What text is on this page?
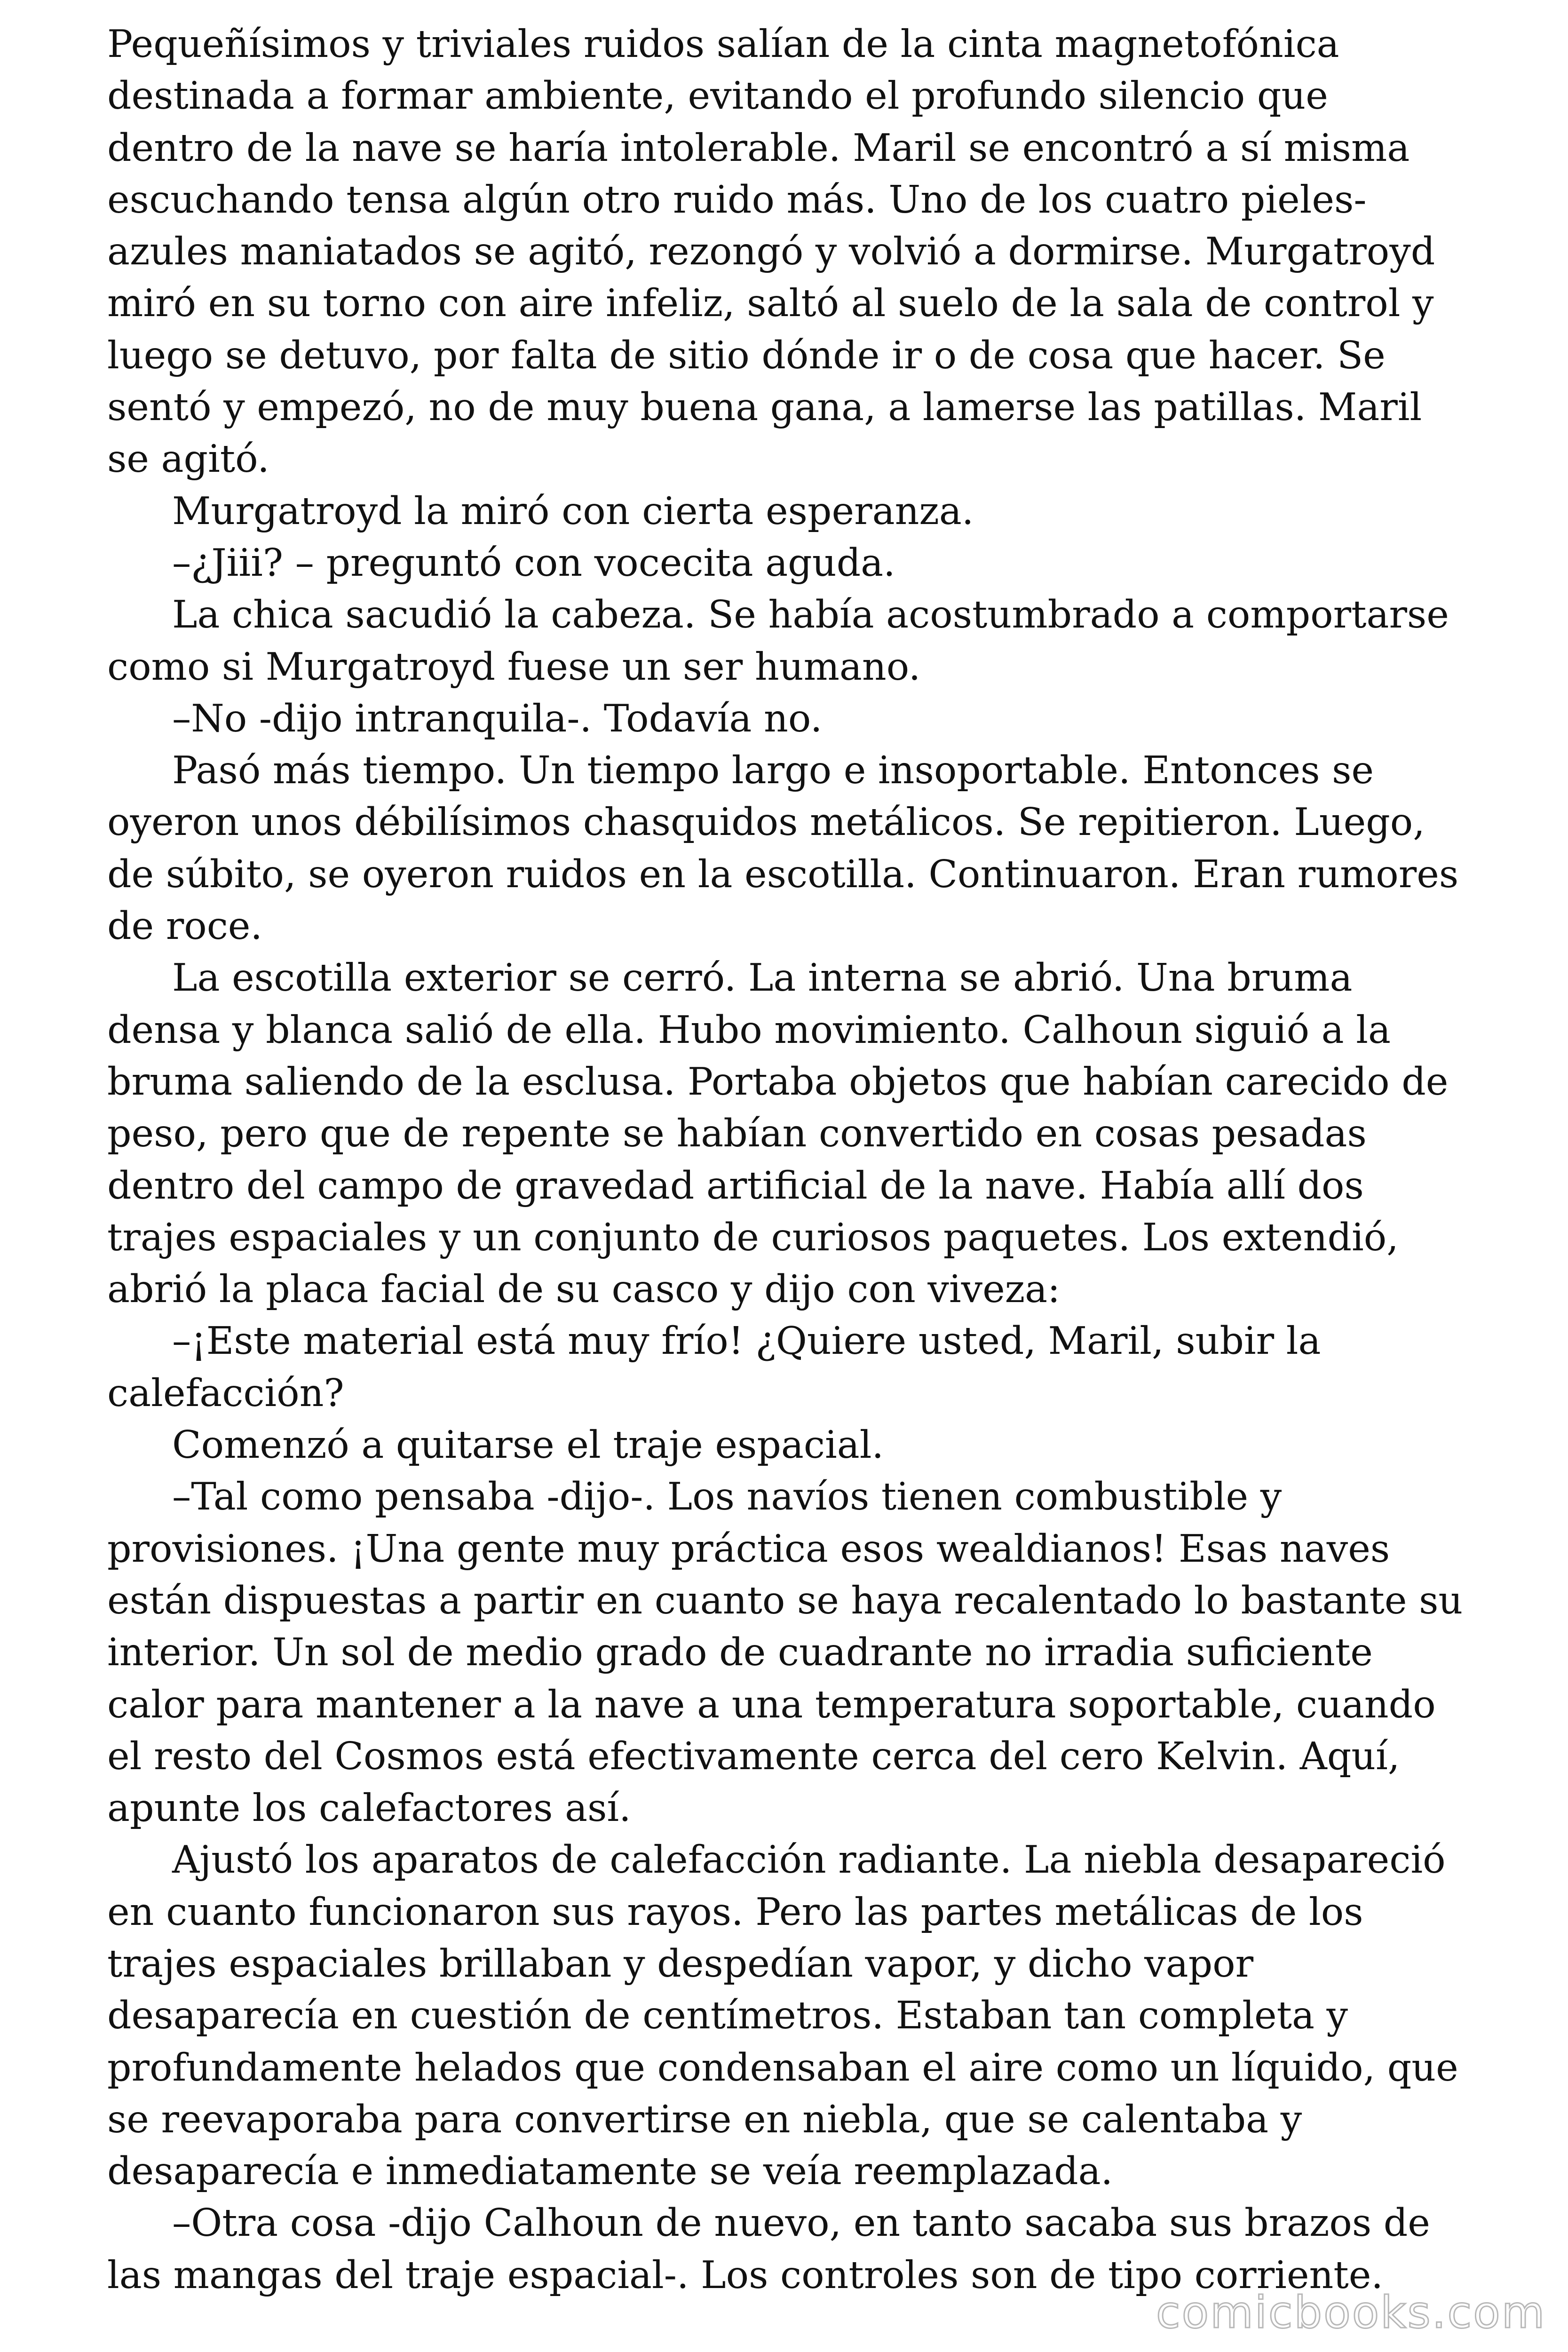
Pequeñísimos y triviales ruidos salían de la cinta magnetofónica destinada a formar ambiente, evitando el profundo silencio que dentro de la nave se haría intolerable. Maril se encontró a sí misma escuchando tensa algún otro ruido más. Uno de los cuatro pieles-azules maniatados se agitó, rezongó y volvió a dormirse. Murgatroyd miró en su torno con aire infeliz, saltó al suelo de la sala de control y luego se detuvo, por falta de sitio dónde ir o de cosa que hacer. Se sentó y empezó, no de muy buena gana, a lamerse las patillas. Maril se agitó.

Murgatroyd la miró con cierta esperanza.

–¿Jiii? – preguntó con vocecita aguda.

La chica sacudió la cabeza. Se había acostumbrado a comportarse como si Murgatroyd fuese un ser humano.

–No -dijo intranquila-. Todavía no.

Pasó más tiempo. Un tiempo largo e insoportable. Entonces se oyeron unos débilísimos chasquidos metálicos. Se repitieron. Luego, de súbito, se oyeron ruidos en la escotilla. Continuaron. Eran rumores de roce.

La escotilla exterior se cerró. La interna se abrió. Una bruma densa y blanca salió de ella. Hubo movimiento. Calhoun siguió a la bruma saliendo de la esclusa. Portaba objetos que habían carecido de peso, pero que de repente se habían convertido en cosas pesadas dentro del campo de gravedad artificial de la nave. Había allí dos trajes espaciales y un conjunto de curiosos paquetes. Los extendió, abrió la placa facial de su casco y dijo con viveza:

–¡Este material está muy frío! ¿Quiere usted, Maril, subir la calefacción?

Comenzó a quitarse el traje espacial.

–Tal como pensaba -dijo-. Los navíos tienen combustible y provisiones. ¡Una gente muy práctica esos wealdianos! Esas naves están dispuestas a partir en cuanto se haya recalentado lo bastante su interior. Un sol de medio grado de cuadrante no irradia suficiente calor para mantener a la nave a una temperatura soportable, cuando el resto del Cosmos está efectivamente cerca del cero Kelvin. Aquí, apunte los calefactores así.

Ajustó los aparatos de calefacción radiante. La niebla desapareció en cuanto funcionaron sus rayos. Pero las partes metálicas de los trajes espaciales brillaban y despedían vapor, y dicho vapor desaparecía en cuestión de centímetros. Estaban tan completa y profundamente helados que condensaban el aire como un líquido, que se reevaporaba para convertirse en niebla, que se calentaba y desaparecía e inmediatamente se veía reemplazada.

–Otra cosa -dijo Calhoun de nuevo, en tanto sacaba sus brazos de las mangas del traje espacial-. Los controles son de tipo corriente.

comicbooks.com
